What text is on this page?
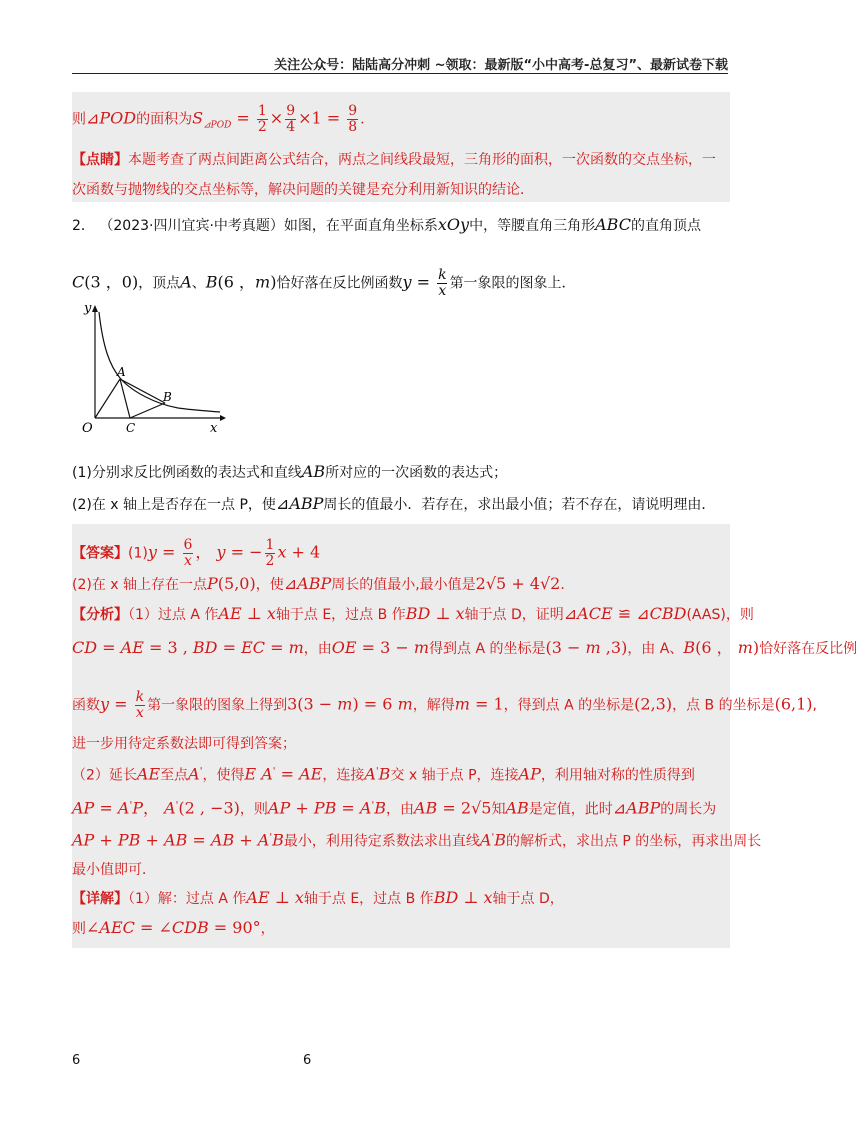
关注公众号：陆陆高分冲刺 ~领取：最新版“小中高考-总复习”、最新试卷下载
则⊿POD的面积为$S_{⊿POD} = \frac{1}{2} \times \frac{9}{4} \times 1 = \frac{9}{8}$ ．
【点睛】本题考查了两点间距离公式结合，两点之间线段最短，三角形的面积，一次函数的交点坐标，一
次函数与抛物线的交点坐标等，解决问题的关键是充分利用新知识的结论．
2． （2023·四川宜宾·中考真题）如图，在平面直角坐标系xOy中，等腰直角三角形ABC的直角顶点
C(3 ，0)，顶点A、B(6 ，m)恰好落在反比例函数$y = \frac{k}{x}$ 第一象限的图象上．
y
x
O
A
B
C
(1)分别求反比例函数的表达式和直线AB所对应的一次函数的表达式；
(2)在 x 轴上是否存在一点 P，使⊿ABP周长的值最小．若存在，求出最小值；若不存在，请说明理由．
【答案】$(1)y = \frac{6}{x}$ ， y = − $\frac{1}{2}$ x + 4
(2)在 x 轴上存在一点P(5,0)，使⊿ABP周长的值最小,最小值是2√5 + 4√2.
【分析】（1）过点 A 作AE ⊥ x轴于点 E，过点 B 作BD ⊥ x轴于点 D，证明⊿ACE ≌ ⊿CBD(AAS)，则
CD = AE = 3 , BD = EC = m，由OE = 3 − m得到点 A 的坐标是(3 − m ,3)，由 A、B(6 ， m)恰好落在反比例
函数$y = \frac{k}{x}$ 第一象限的图象上得到3(3 − m) = 6 m，解得m = 1，得到点 A 的坐标是(2,3)，点 B 的坐标是(6,1),
进一步用待定系数法即可得到答案；
（2）延长AE至点A'，使得E A' = AE，连接A'B交 x 轴于点 P，连接AP，利用轴对称的性质得到
AP = A'P， A'(2 , −3)，则AP + PB = A'B，由AB = 2√5知AB是定值，此时⊿ABP的周长为
AP + PB + AB = AB + A'B最小，利用待定系数法求出直线A'B的解析式，求出点 P 的坐标，再求出周长
最小值即可．
【详解】（1）解：过点 A 作AE ⊥ x轴于点 E，过点 B 作BD ⊥ x轴于点 D，
则∠AEC = ∠CDB = 90°，
6	6
